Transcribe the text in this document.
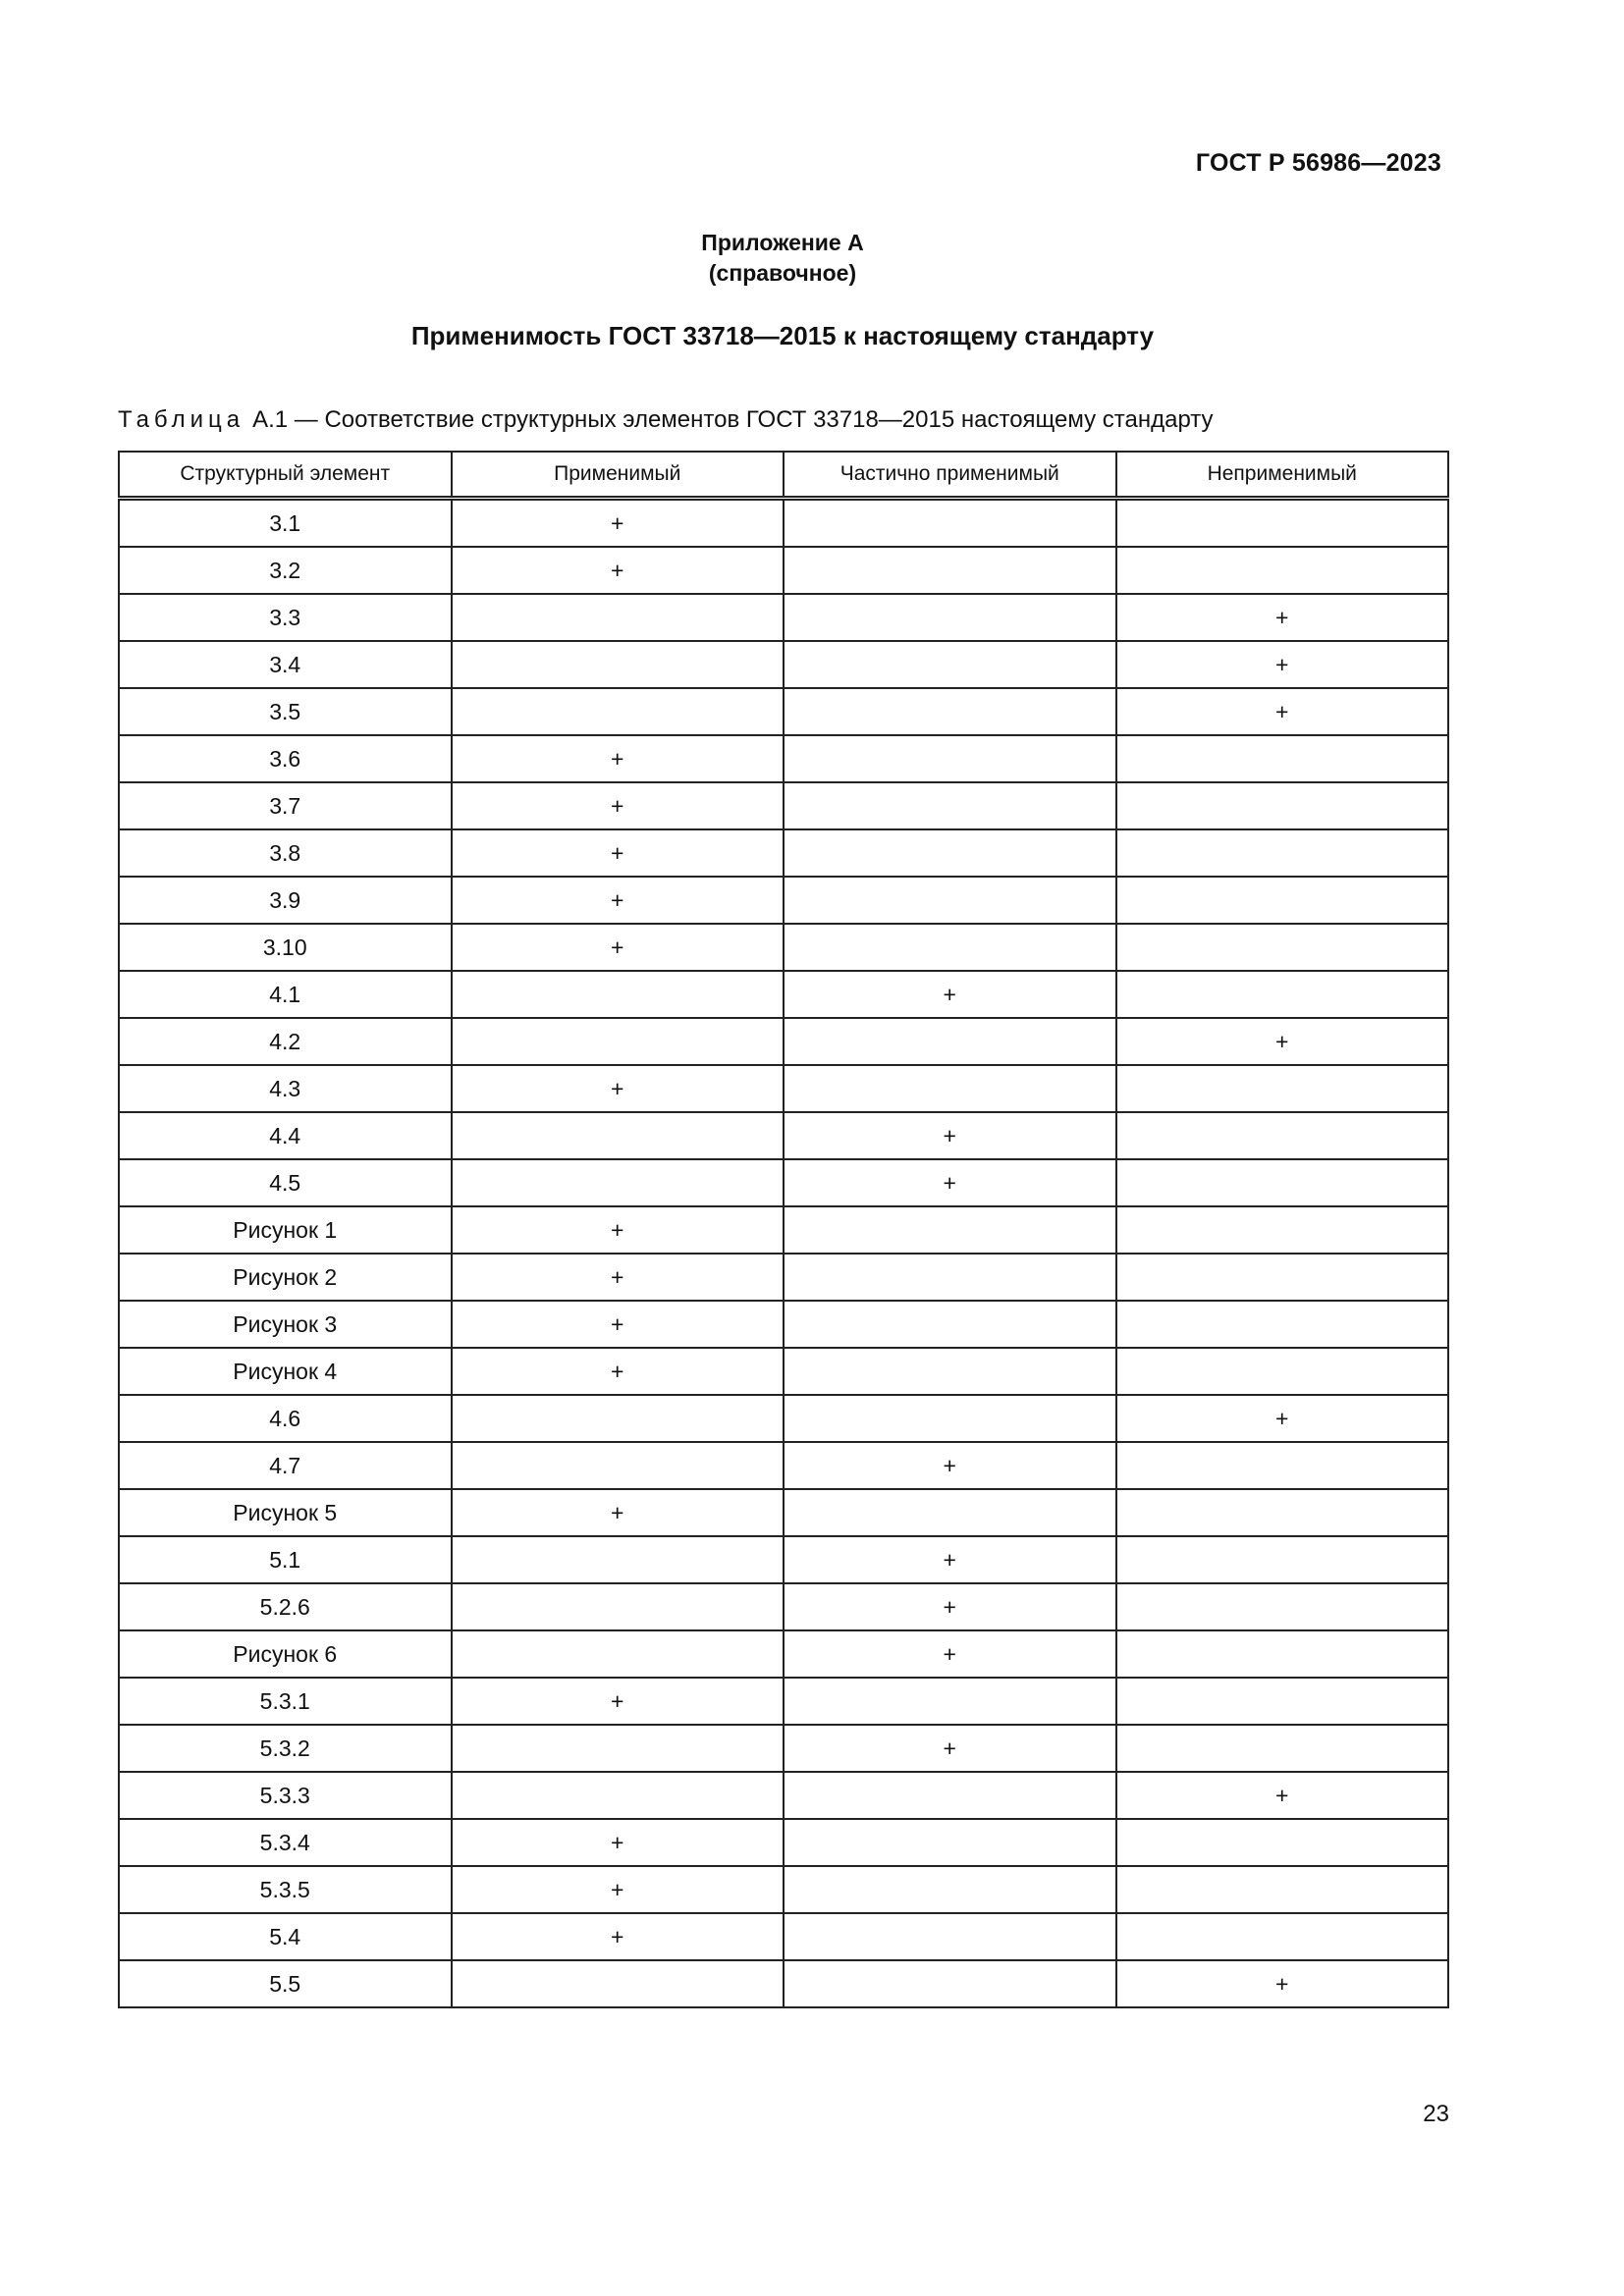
ГОСТ Р 56986—2023
Приложение А
(справочное)
Применимость ГОСТ 33718—2015 к настоящему стандарту
Таблица А.1 — Соответствие структурных элементов ГОСТ 33718—2015 настоящему стандарту
Структурный элемент	Применимый	Частично применимый	Неприменимый
3.1	+		
3.2	+		
3.3			+
3.4			+
3.5			+
3.6	+		
3.7	+		
3.8	+		
3.9	+		
3.10	+		
4.1		+	
4.2			+
4.3	+		
4.4		+	
4.5		+	
Рисунок 1	+		
Рисунок 2	+		
Рисунок 3	+		
Рисунок 4	+		
4.6			+
4.7		+	
Рисунок 5	+		
5.1		+	
5.2.6		+	
Рисунок 6		+	
5.3.1	+		
5.3.2		+	
5.3.3			+
5.3.4	+		
5.3.5	+		
5.4	+		
5.5			+
23
